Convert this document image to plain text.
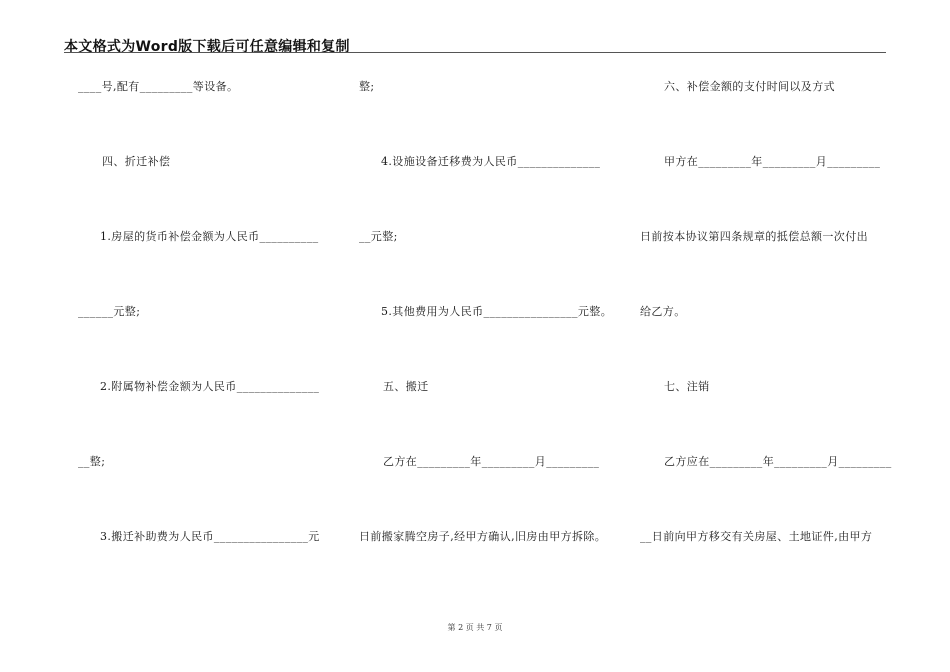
本文格式为Word版下载后可任意编辑和复制
____号,配有_________等设备。
四、折迁补偿
1.房屋的货币补偿金额为人民币__________
______元整;
2.附属物补偿金额为人民币______________
__整;
3.搬迁补助费为人民币________________元
整;
4.设施设备迁移费为人民币______________
__元整;
5.其他费用为人民币________________元整。
五、搬迁
乙方在_________年_________月_________
日前搬家腾空房子,经甲方确认,旧房由甲方拆除。
六、补偿金额的支付时间以及方式
甲方在_________年_________月_________
日前按本协议第四条规章的抵偿总额一次付出
给乙方。
七、注销
乙方应在_________年_________月_________
__日前向甲方移交有关房屋、土地证件,由甲方
第 2 页 共 7 页
